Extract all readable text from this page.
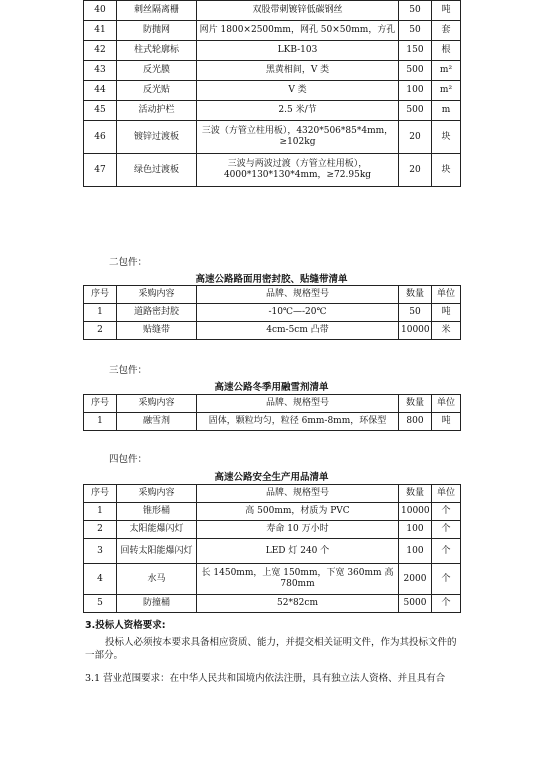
40	刺丝隔离栅	双股带刺镀锌低碳钢丝	50	吨
41	防抛网	网片 1800×2500mm，网孔 50×50mm，方孔	50	套
42	柱式轮廓标	LKB-103	150	根
43	反光膜	黑黄相间，V 类	500	m²
44	反光贴	V 类	100	m²
45	活动护栏	2.5 米/节	500	m
46	镀锌过渡板	三波（方管立柱用板），4320*506*85*4mm，≥102kg	20	块
47	绿色过渡板	三波与两波过渡（方管立柱用板），4000*130*130*4mm，≥72.95kg	20	块
二包件：
高速公路路面用密封胶、贴缝带清单
序号	采购内容	品牌、规格型号	数量	单位
1	道路密封胶	-10℃—-20℃	50	吨
2	贴缝带	4cm-5cm 凸带	10000	米
三包件：
高速公路冬季用融雪剂清单
序号	采购内容	品牌、规格型号	数量	单位
1	融雪剂	固体，颗粒均匀，粒径 6mm-8mm，环保型	800	吨
四包件：
高速公路安全生产用品清单
序号	采购内容	品牌、规格型号	数量	单位
1	锥形桶	高 500mm，材质为 PVC	10000	个
2	太阳能爆闪灯	寿命 10 万小时	100	个
3	回转太阳能爆闪灯	LED 灯 240 个	100	个
4	水马	长 1450mm，上宽 150mm，下宽 360mm 高 780mm	2000	个
5	防撞桶	52*82cm	5000	个
3.投标人资格要求:
投标人必须按本要求具备相应资质、能力，并提交相关证明文件，作为其投标文件的一部分。
3.1 营业范围要求：在中华人民共和国境内依法注册，具有独立法人资格、并且具有合
